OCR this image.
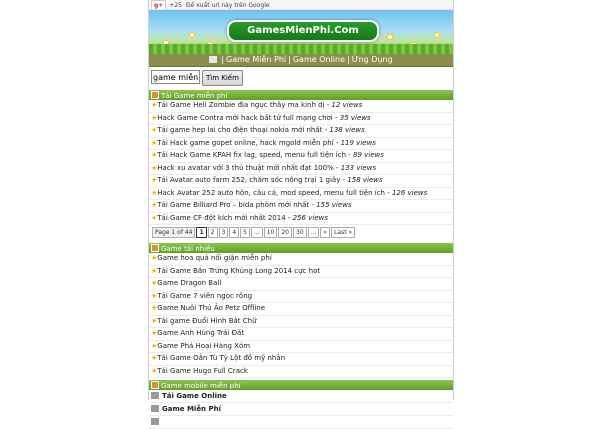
g+ +25 Đề xuất url này trên Google
GamesMienPhi.Com
| Game Miễn Phí | Game Online | Ứng Dụng
game miễn pTìm Kiếm
Tải Game miễn phí
★Tải Game Hell Zombie địa ngục thây ma kinh dị - 12 views
★Hack Game Contra mới hack bất tử full mạng chơi - 35 views
★Tải game hep lai cho điện thoại nokia mới nhất - 138 views
★Tải Hack game gopet online, hack mgold miễn phí - 119 views
★Tải Hack Game KPAH fix lag, speed, menu full tiện ích - 89 views
★Hack xu avatar với 3 thủ thuật mới nhất đạt 100% - 133 views
★Tải Avatar auto farm 252, chăm sóc nông trại 1 giây - 158 views
★Hack Avatar 252 auto hôn, câu cá, mod speed, menu full tiện ích - 126 views
★Tải Game Billiard Pro – bida phòm mới nhất - 155 views
★Tải Game CF đột kích mới nhất 2014 - 256 views
Page 1 of 44 1 2 3 4 5 ... 10 20 30 ... » Last »
Game tải nhiều
★Game hoa quả nổi giận miễn phí
★Tải Game Bắn Trứng Khủng Long 2014 cực hot
★Game Dragon Ball
★Tải Game 7 viên ngọc rồng
★Game Nuôi Thú Ảo Petz Offline
★Tải game Đuổi Hình Bắt Chữ
★Game Anh Hùng Trái Đất
★Game Phá Hoại Hàng Xóm
★Tải Game Oẳn Tù Tỳ Lột đồ mỹ nhân
★Tải Game Hugo Full Crack
Game mobile miễn phí
Tải Game Online
Game Miễn Phí
